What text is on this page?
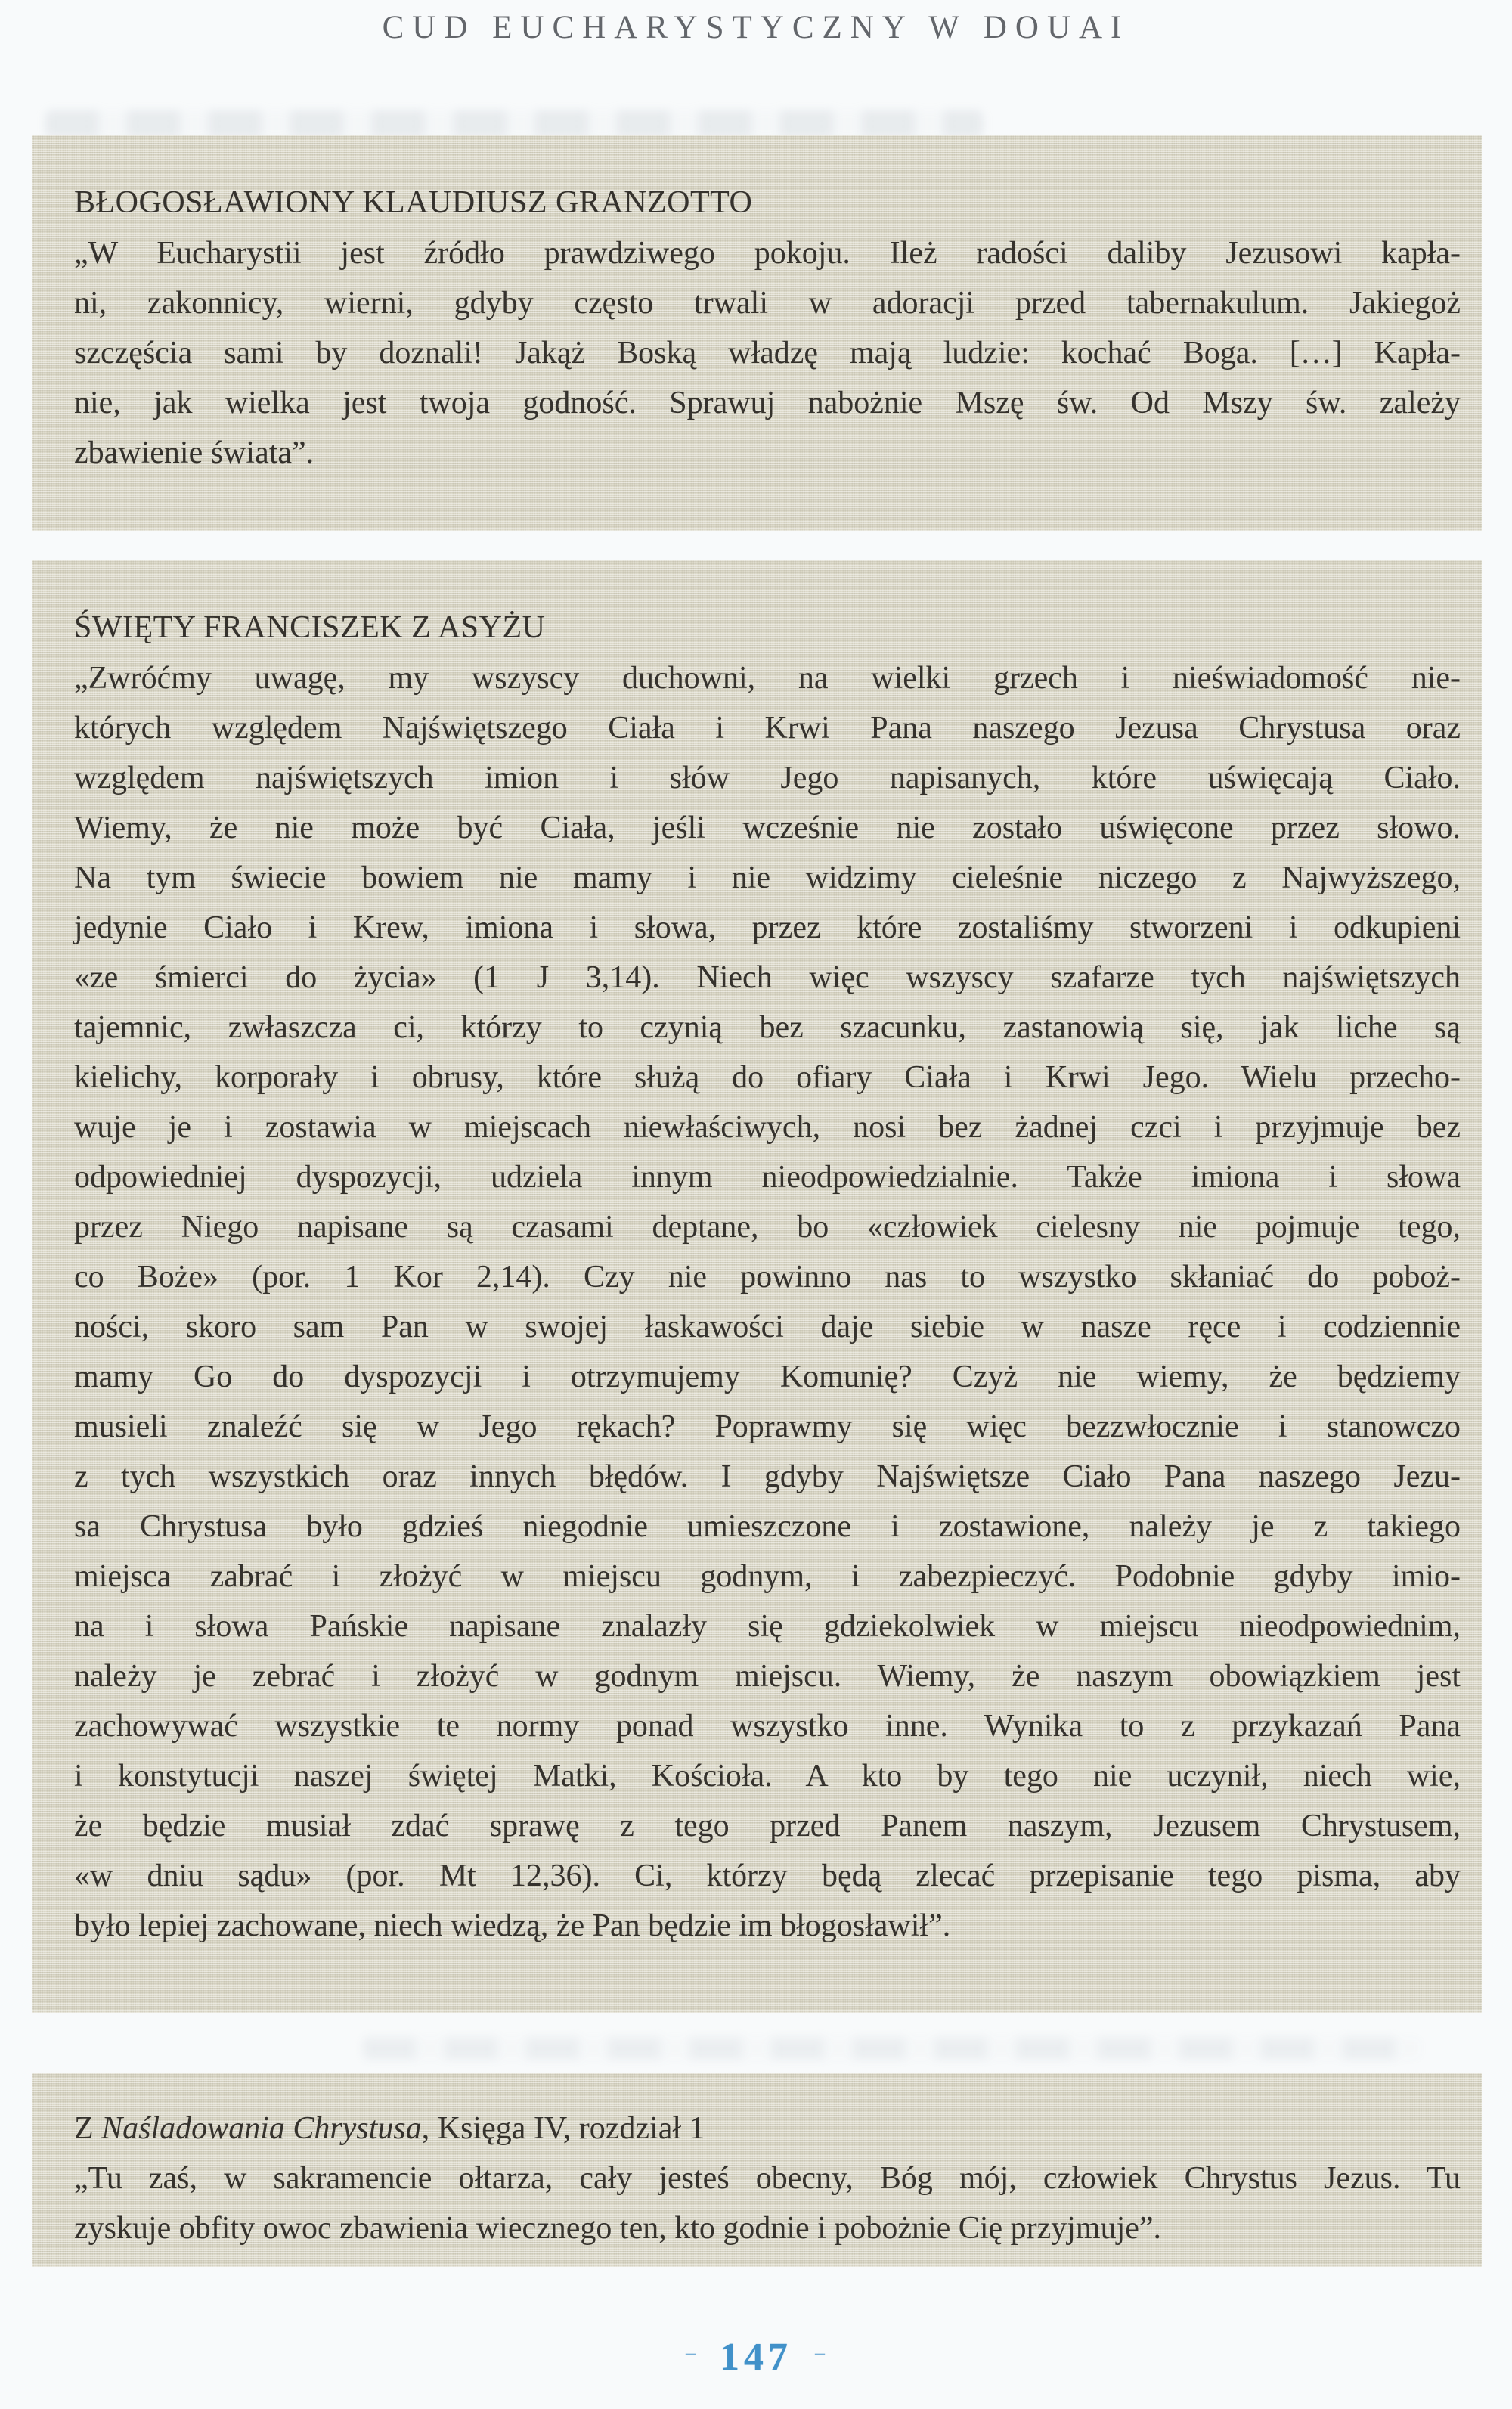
CUD EUCHARYSTYCZNY W DOUAI
BŁOGOSŁAWIONY KLAUDIUSZ GRANZOTTO
„W Eucharystii jest źródło prawdziwego pokoju. Ileż radości daliby Jezusowi kapła-
ni, zakonnicy, wierni, gdyby często trwali w adoracji przed tabernakulum. Jakiegoż
szczęścia sami by doznali! Jakąż Boską władzę mają ludzie: kochać Boga. […] Kapła-
nie, jak wielka jest twoja godność. Sprawuj nabożnie Mszę św. Od Mszy św. zależy
zbawienie świata”.
ŚWIĘTY FRANCISZEK Z ASYŻU
„Zwróćmy uwagę, my wszyscy duchowni, na wielki grzech i nieświadomość nie-
których względem Najświętszego Ciała i Krwi Pana naszego Jezusa Chrystusa oraz
względem najświętszych imion i słów Jego napisanych, które uświęcają Ciało.
Wiemy, że nie może być Ciała, jeśli wcześnie nie zostało uświęcone przez słowo.
Na tym świecie bowiem nie mamy i nie widzimy cieleśnie niczego z Najwyższego,
jedynie Ciało i Krew, imiona i słowa, przez które zostaliśmy stworzeni i odkupieni
«ze śmierci do życia» (1 J 3,14). Niech więc wszyscy szafarze tych najświętszych
tajemnic, zwłaszcza ci, którzy to czynią bez szacunku, zastanowią się, jak liche są
kielichy, korporały i obrusy, które służą do ofiary Ciała i Krwi Jego. Wielu przecho-
wuje je i zostawia w miejscach niewłaściwych, nosi bez żadnej czci i przyjmuje bez
odpowiedniej dyspozycji, udziela innym nieodpowiedzialnie. Także imiona i słowa
przez Niego napisane są czasami deptane, bo «człowiek cielesny nie pojmuje tego,
co Boże» (por. 1 Kor 2,14). Czy nie powinno nas to wszystko skłaniać do poboż-
ności, skoro sam Pan w swojej łaskawości daje siebie w nasze ręce i codziennie
mamy Go do dyspozycji i otrzymujemy Komunię? Czyż nie wiemy, że będziemy
musieli znaleźć się w Jego rękach? Poprawmy się więc bezzwłocznie i stanowczo
z tych wszystkich oraz innych błędów. I gdyby Najświętsze Ciało Pana naszego Jezu-
sa Chrystusa było gdzieś niegodnie umieszczone i zostawione, należy je z takiego
miejsca zabrać i złożyć w miejscu godnym, i zabezpieczyć. Podobnie gdyby imio-
na i słowa Pańskie napisane znalazły się gdziekolwiek w miejscu nieodpowiednim,
należy je zebrać i złożyć w godnym miejscu. Wiemy, że naszym obowiązkiem jest
zachowywać wszystkie te normy ponad wszystko inne. Wynika to z przykazań Pana
i konstytucji naszej świętej Matki, Kościoła. A kto by tego nie uczynił, niech wie,
że będzie musiał zdać sprawę z tego przed Panem naszym, Jezusem Chrystusem,
«w dniu sądu» (por. Mt 12,36). Ci, którzy będą zlecać przepisanie tego pisma, aby
było lepiej zachowane, niech wiedzą, że Pan będzie im błogosławił”.
Z Naśladowania Chrystusa, Księga IV, rozdział 1
„Tu zaś, w sakramencie ołtarza, cały jesteś obecny, Bóg mój, człowiek Chrystus Jezus. Tu
zyskuje obfity owoc zbawienia wiecznego ten, kto godnie i pobożnie Cię przyjmuje”.
– 147 –
